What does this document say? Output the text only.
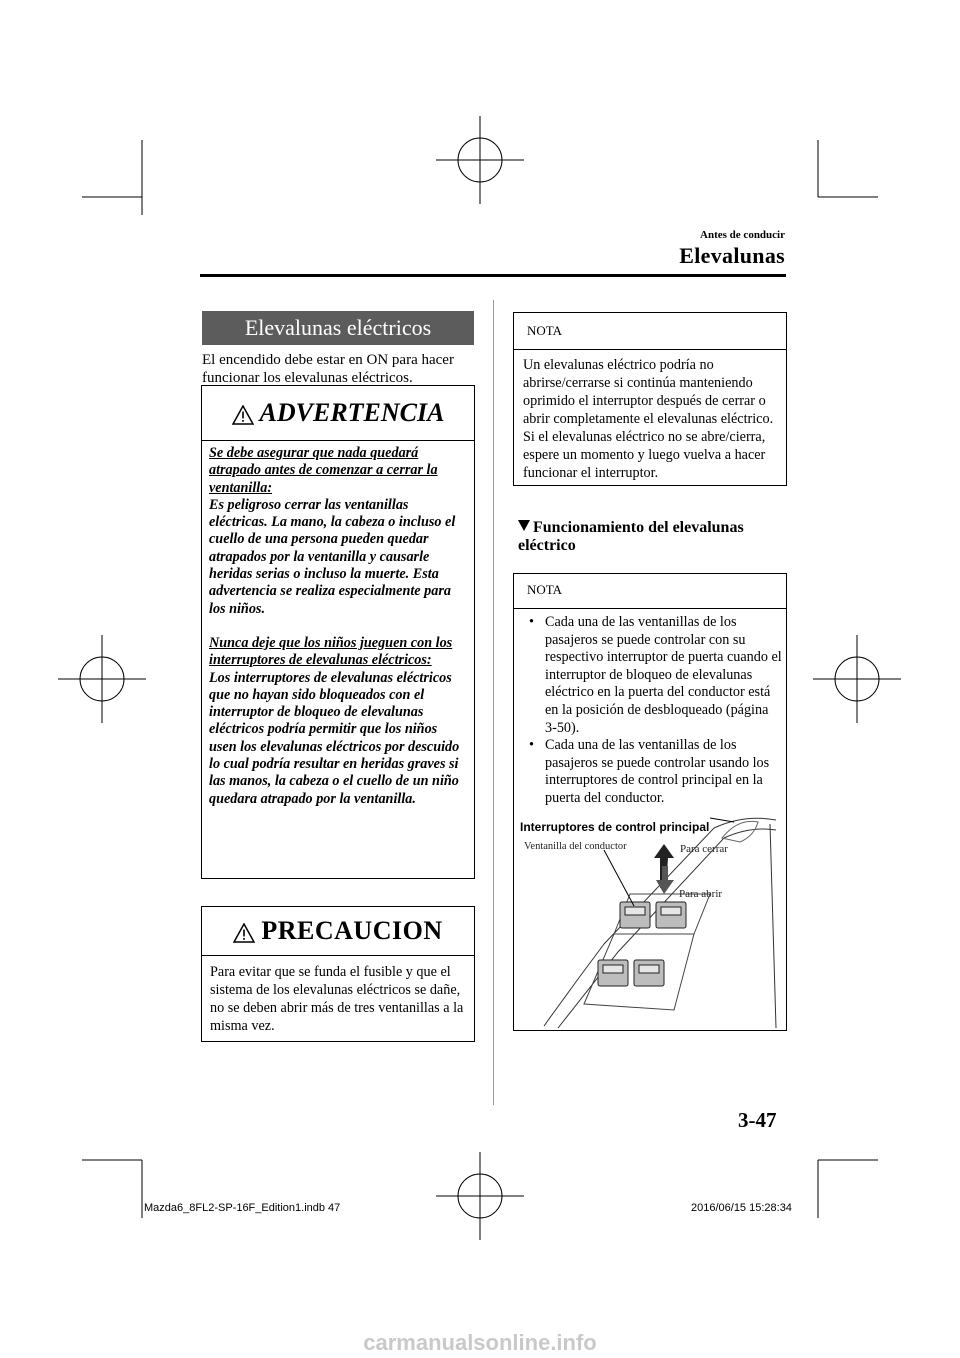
Antes de conducir
Elevalunas
Elevalunas eléctricos
El encendido debe estar en ON para hacer funcionar los elevalunas eléctricos.
ADVERTENCIA
Se debe asegurar que nada quedará atrapado antes de comenzar a cerrar la ventanilla:
Es peligroso cerrar las ventanillas eléctricas. La mano, la cabeza o incluso el cuello de una persona pueden quedar atrapados por la ventanilla y causarle heridas serias o incluso la muerte. Esta advertencia se realiza especialmente para los niños.
Nunca deje que los niños jueguen con los interruptores de elevalunas eléctricos:
Los interruptores de elevalunas eléctricos que no hayan sido bloqueados con el interruptor de bloqueo de elevalunas eléctricos podría permitir que los niños usen los elevalunas eléctricos por descuido lo cual podría resultar en heridas graves si las manos, la cabeza o el cuello de un niño quedara atrapado por la ventanilla.
PRECAUCION
Para evitar que se funda el fusible y que el sistema de los elevalunas eléctricos se dañe, no se deben abrir más de tres ventanillas a la misma vez.
NOTA
Un elevalunas eléctrico podría no abrirse/cerrarse si continúa manteniendo oprimido el interruptor después de cerrar o abrir completamente el elevalunas eléctrico. Si el elevalunas eléctrico no se abre/cierra, espere un momento y luego vuelva a hacer funcionar el interruptor.
Funcionamiento del elevalunas eléctrico
NOTA
• Cada una de las ventanillas de los pasajeros se puede controlar con su respectivo interruptor de puerta cuando el interruptor de bloqueo de elevalunas eléctrico en la puerta del conductor está en la posición de desbloqueado (página 3-50).
• Cada una de las ventanillas de los pasajeros se puede controlar usando los interruptores de control principal en la puerta del conductor.
Interruptores de control principal
Ventanilla del conductor	Para cerrar
Para abrir
3-47
Mazda6_8FL2-SP-16F_Edition1.indb 47	2016/06/15 15:28:34
carmanualsonline.info
